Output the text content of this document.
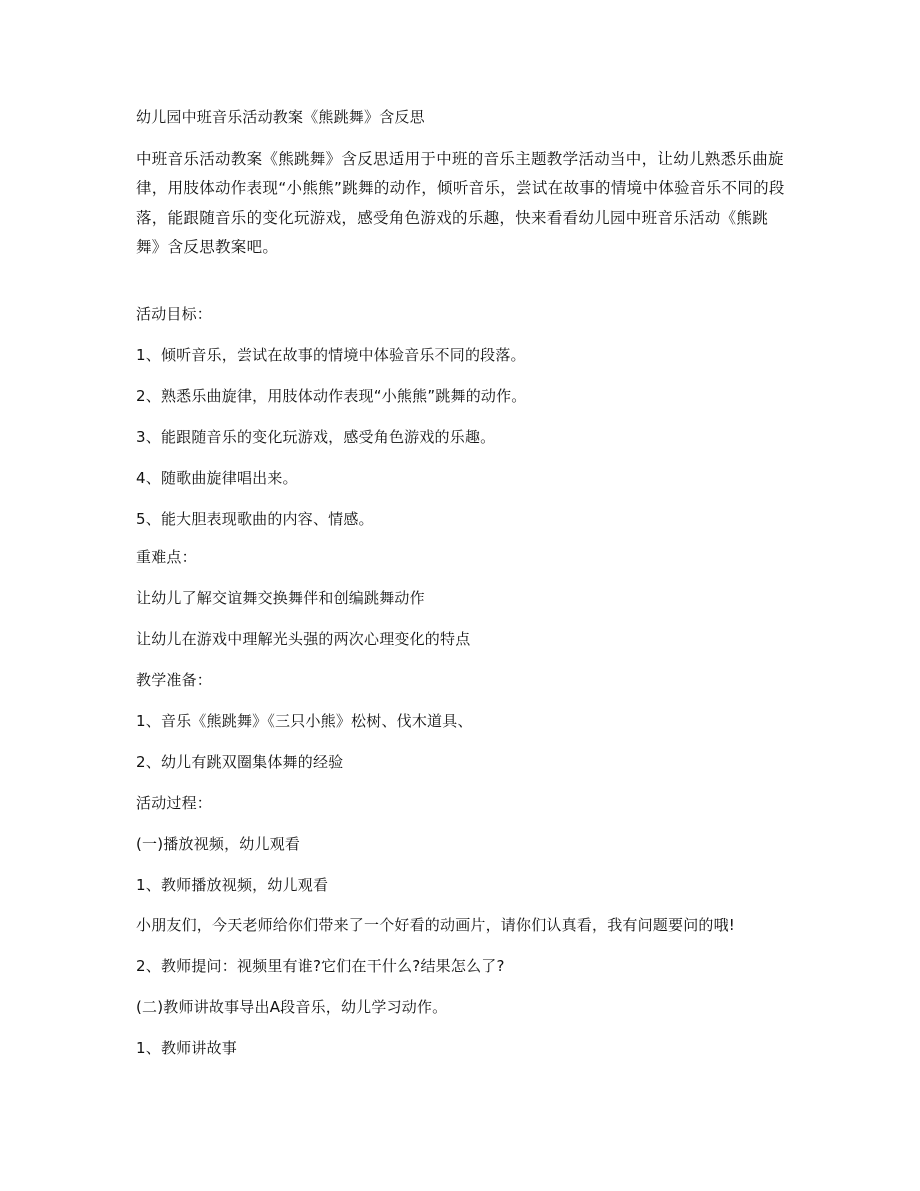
幼儿园中班音乐活动教案《熊跳舞》含反思

中班音乐活动教案《熊跳舞》含反思适用于中班的音乐主题教学活动当中，让幼儿熟悉乐曲旋律，用肢体动作表现“小熊熊”跳舞的动作，倾听音乐，尝试在故事的情境中体验音乐不同的段落，能跟随音乐的变化玩游戏，感受角色游戏的乐趣，快来看看幼儿园中班音乐活动《熊跳舞》含反思教案吧。

活动目标：
1、倾听音乐，尝试在故事的情境中体验音乐不同的段落。
2、熟悉乐曲旋律，用肢体动作表现“小熊熊”跳舞的动作。
3、能跟随音乐的变化玩游戏，感受角色游戏的乐趣。
4、随歌曲旋律唱出来。
5、能大胆表现歌曲的内容、情感。
重难点：
让幼儿了解交谊舞交换舞伴和创编跳舞动作
让幼儿在游戏中理解光头强的两次心理变化的特点
教学准备：
1、音乐《熊跳舞》《三只小熊》松树、伐木道具、
2、幼儿有跳双圈集体舞的经验
活动过程：
(一)播放视频，幼儿观看
1、教师播放视频，幼儿观看
小朋友们，今天老师给你们带来了一个好看的动画片，请你们认真看，我有问题要问的哦!
2、教师提问：视频里有谁?它们在干什么?结果怎么了?
(二)教师讲故事导出A段音乐，幼儿学习动作。
1、教师讲故事
